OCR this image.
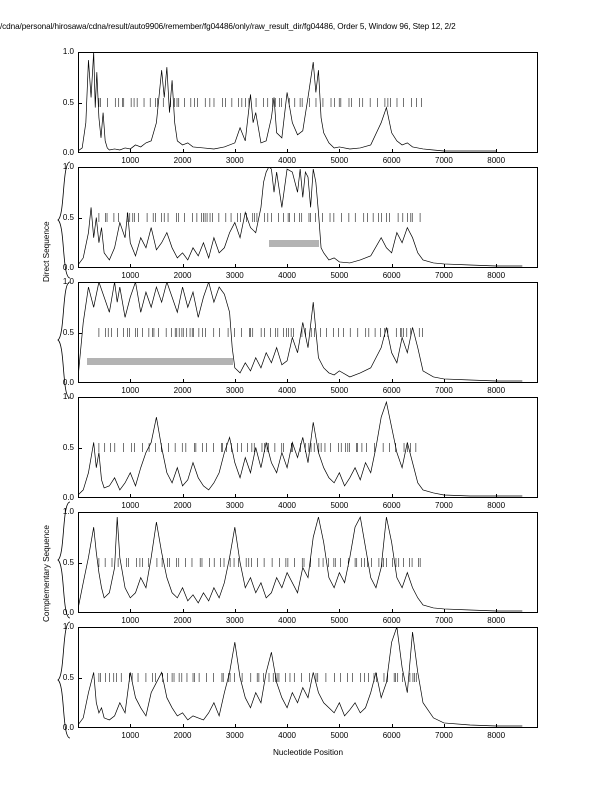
/cdna/personal/hirosawa/cdna/result/auto9906/remember/fg04486/only/raw_result_dir/fg04486, Order 5, Window 96, Step 12, 2/2
Nucleotide Position
Direct Sequence
Complementary Sequence
0.0
0.5
1.0
1000	2000	3000	4000	5000	6000	7000	8000
0.0
0.5
1.0
1000	2000	3000	4000	5000	6000	7000	8000
0.0
0.5
1.0
1000	2000	3000	4000	5000	6000	7000	8000
0.0
0.5
1.0
1000	2000	3000	4000	5000	6000	7000	8000
0.0
0.5
1.0
1000	2000	3000	4000	5000	6000	7000	8000
0.0
0.5
1.0
1000	2000	3000	4000	5000	6000	7000	8000
